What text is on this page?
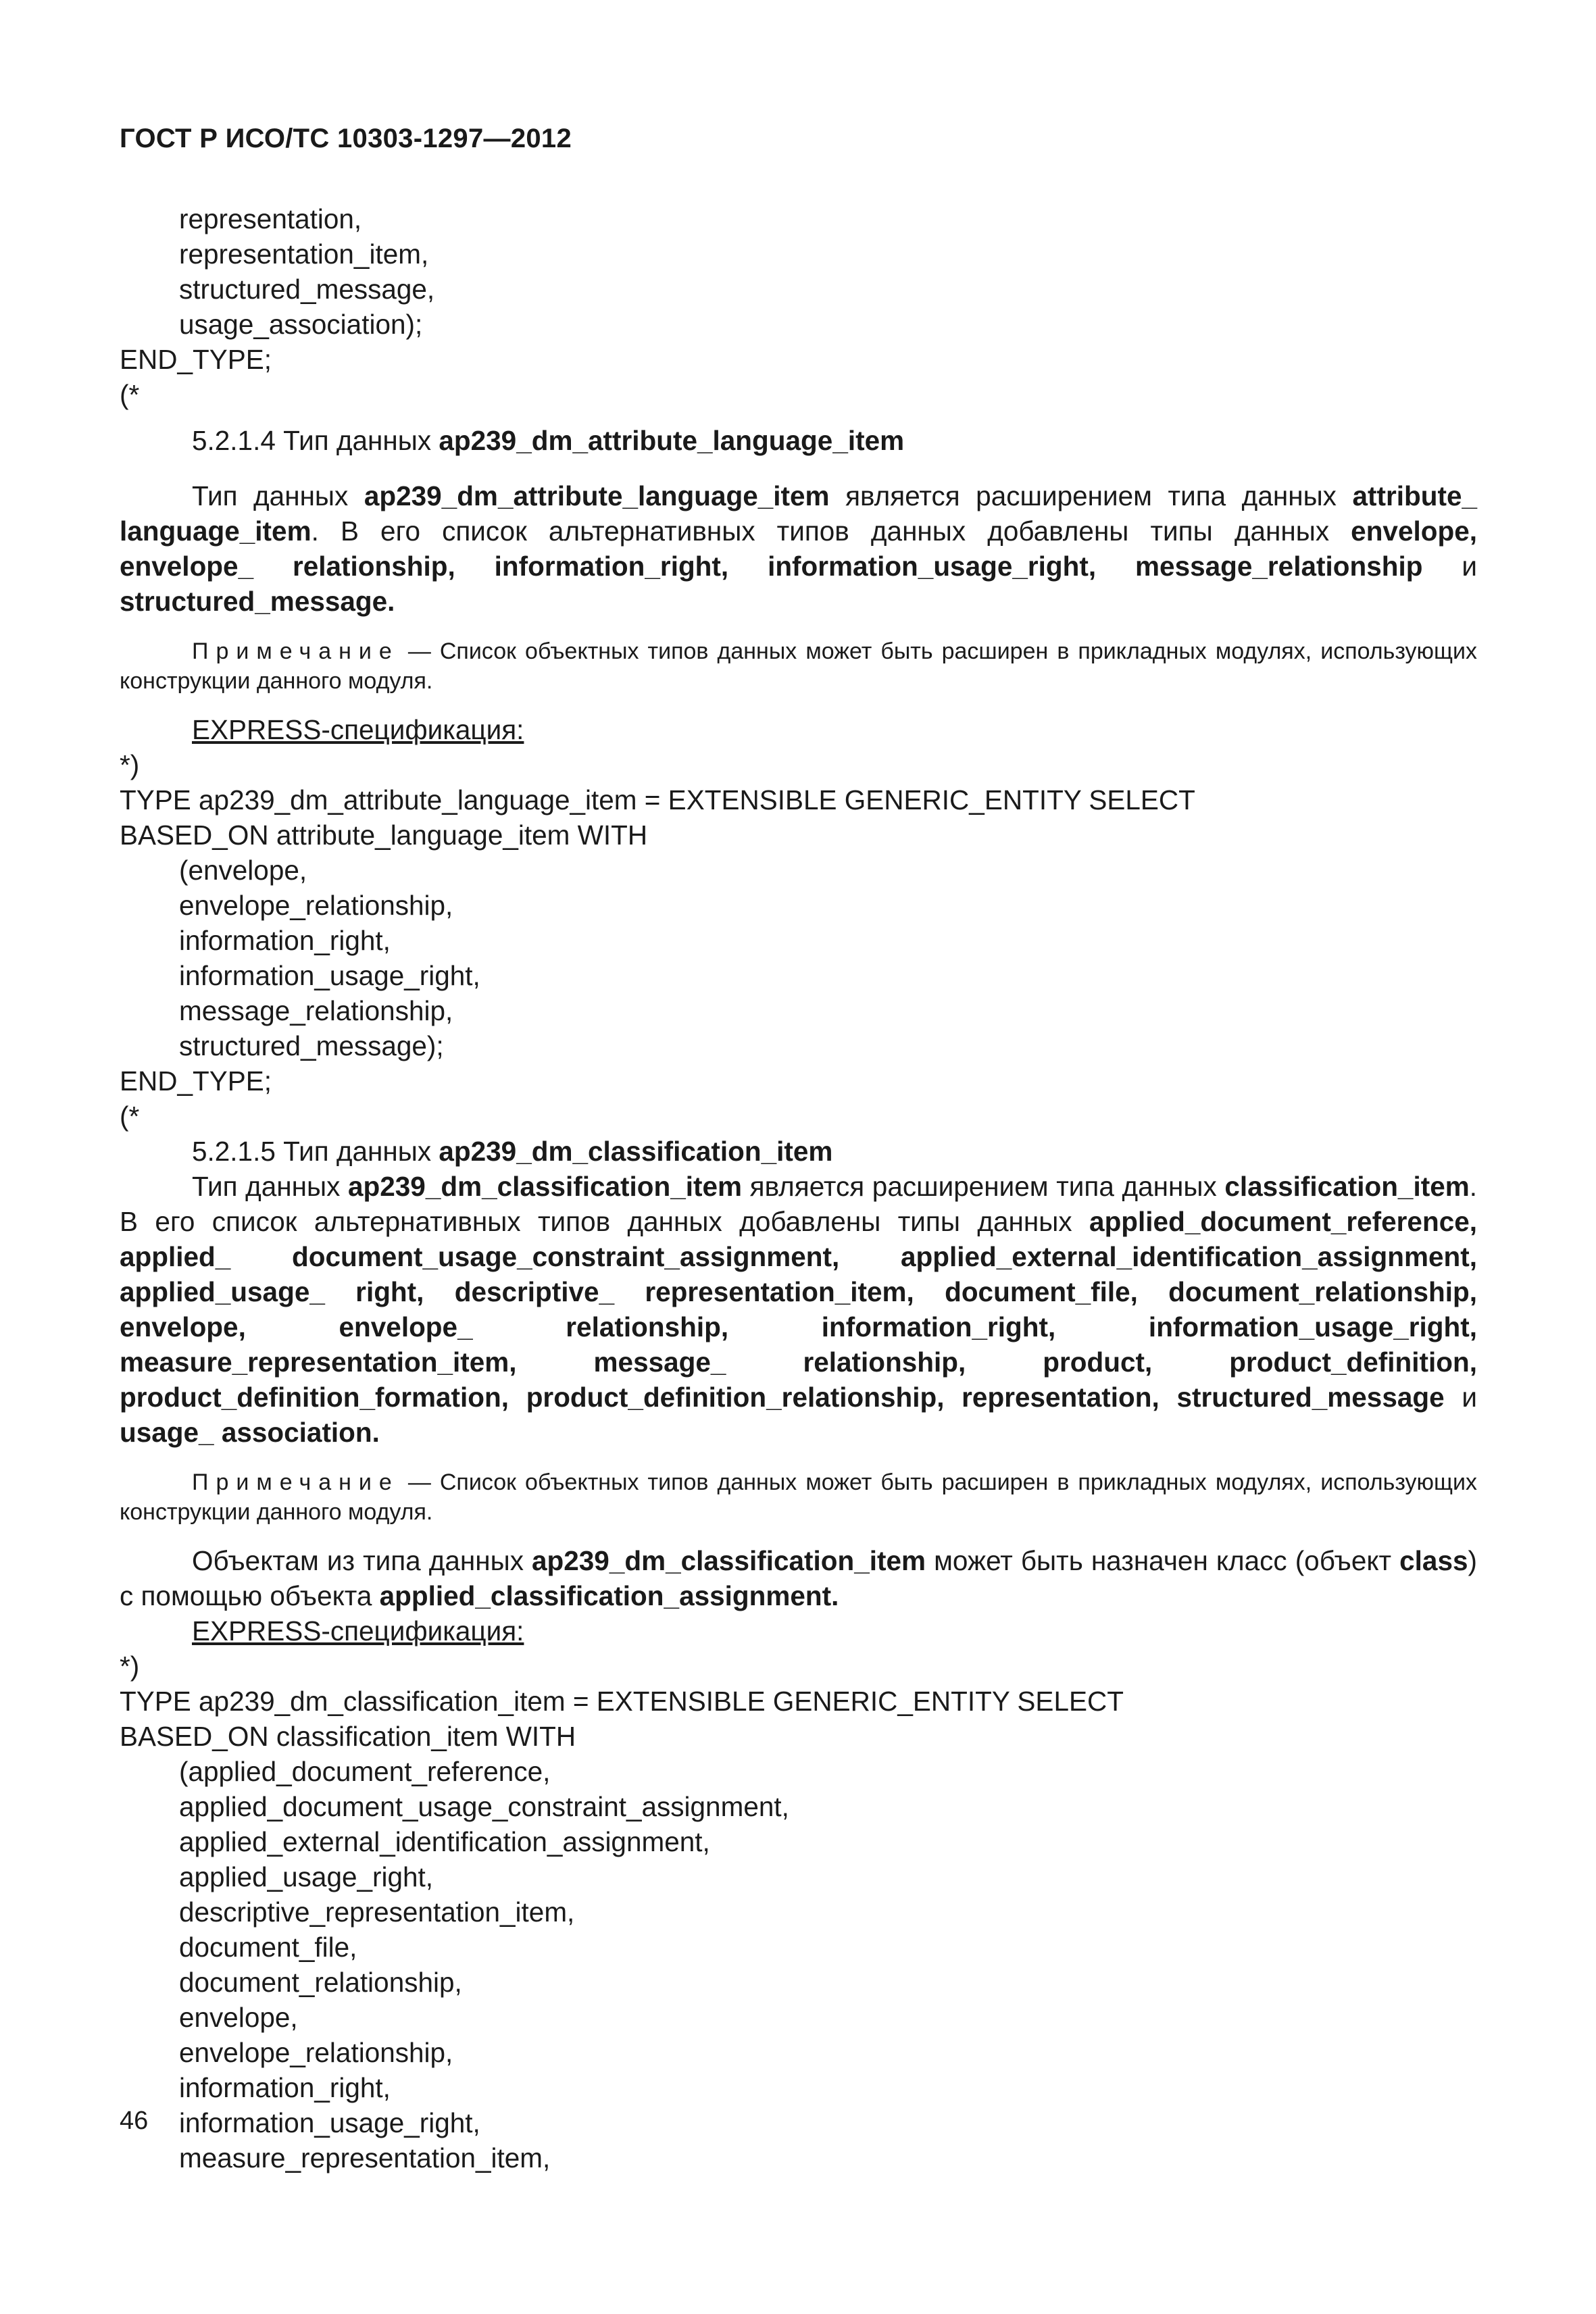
ГОСТ Р ИСО/ТС 10303-1297—2012
representation,
representation_item,
structured_message,
usage_association);
END_TYPE;
(*
5.2.1.4 Тип данных ap239_dm_attribute_language_item

Тип данных ap239_dm_attribute_language_item является расширением типа данных attribute_ language_item. В его список альтернативных типов данных добавлены типы данных envelope, envelope_ relationship, information_right, information_usage_right, message_relationship и structured_message.

Примечание — Список объектных типов данных может быть расширен в прикладных модулях, использующих конструкции данного модуля.

EXPRESS-спецификация:
*)
TYPE ap239_dm_attribute_language_item = EXTENSIBLE GENERIC_ENTITY SELECT
BASED_ON attribute_language_item WITH
(envelope,
envelope_relationship,
information_right,
information_usage_right,
message_relationship,
structured_message);
END_TYPE;
(*
5.2.1.5 Тип данных ap239_dm_classification_item

Тип данных ap239_dm_classification_item является расширением типа данных classification_item. В его список альтернативных типов данных добавлены типы данных applied_document_reference, applied_ document_usage_constraint_assignment, applied_external_identification_assignment, applied_usage_ right, descriptive_ representation_item, document_file, document_relationship, envelope, envelope_ relationship, information_right, information_usage_right, measure_representation_item, message_ relationship, product, product_definition, product_definition_formation, product_definition_relationship, representation, structured_message и usage_ association.

Примечание — Список объектных типов данных может быть расширен в прикладных модулях, использующих конструкции данного модуля.

Объектам из типа данных ap239_dm_classification_item может быть назначен класс (объект class) с помощью объекта applied_classification_assignment.

EXPRESS-спецификация:
*)
TYPE ap239_dm_classification_item = EXTENSIBLE GENERIC_ENTITY SELECT
BASED_ON classification_item WITH
(applied_document_reference,
applied_document_usage_constraint_assignment,
applied_external_identification_assignment,
applied_usage_right,
descriptive_representation_item,
document_file,
document_relationship,
envelope,
envelope_relationship,
information_right,
information_usage_right,
measure_representation_item,
46
